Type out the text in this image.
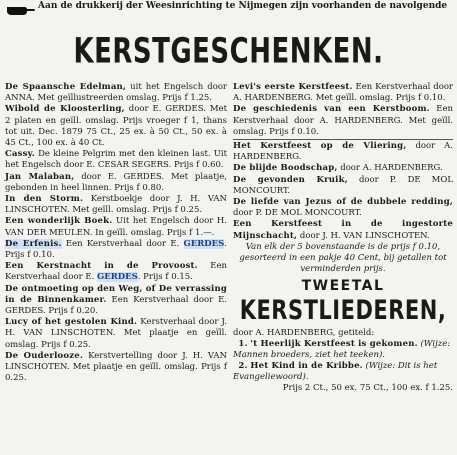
Aan de drukkerij der Weesinrichting te Nijmegen zijn voorhanden de navolgende
KERSTGESCHENKEN.

De Spaansche Edelman, uit het Engelsch door ANNA. Met geïllustreerden omslag. Prijs f 1.25.

Wibold de Kloosterling, door E. GERDES. Met 2 platen en geïll. omslag. Prijs vroeger f 1, thans tot uit. Dec. 1879 75 Ct., 25 ex. à 50 Ct., 50 ex. à 45 Ct., 100 ex. à 40 Ct.

Cassy. De kleine Pelgrim met den kleinen last. Uit het Engelsch door E. CESAR SEGERS. Prijs f 0.60.

Jan Malaban, door E. GERDES. Met plaatje, gebonden in heel linnen. Prijs f 0.80.

In den Storm. Kerstboekje door J. H. VAN LINSCHOTEN. Met geïll. omslag. Prijs f 0.25.

Een wonderlijk Boek. Uit het Engelsch door H. VAN DER MEULEN. In geïll. omslag. Prijs f 1.—.

De Erfenis. Een Kerstverhaal door E. GERDES. Prijs f 0.10.

Een Kerstnacht in de Provoost. Een Kerstverhaal door E. GERDES. Prijs f 0.15.

De ontmoeting op den Weg, of De verrassing in de Binnenkamer. Een Kerstverhaal door E. GERDES. Prijs f 0.20.

Lucy of het gestolen Kind. Kerstverhaal door J. H. VAN LINSCHOTEN. Met plaatje en geïll. omslag. Prijs f 0.25.

De Ouderlooze. Kerstvertelling door J. H. VAN LINSCHOTEN. Met plaatje en geïll. omslag. Prijs f 0.25.

Levi's eerste Kerstfeest. Een Kerstverhaal door A. HARDENBERG. Met geïll. omslag. Prijs f 0.10.

De geschiedenis van een Kerstboom. Een Kerstverhaal door A. HARDENBERG. Met geïll. omslag. Prijs f 0.10.

Het Kerstfeest op de Vliering, door A. HARDENBERG.

De blijde Boodschap, door A. HARDENBERG.

De gevonden Kruik, door P. DE MOL MONCOURT.

De liefde van Jezus of de dubbele redding, door P. DE MOL MONCOURT.

Een Kerstfeest in de ingestorte Mijnschacht, door J. H. VAN LINSCHOTEN.

Van elk der 5 bovenstaande is de prijs f 0.10, gesorteerd in een pakje 40 Cent, bij getallen tot verminderden prijs.

TWEETAL
KERSTLIEDEREN,

door A. HARDENBERG, getiteld:

1. 't Heerlijk Kerstfeest is gekomen. (Wijze: Mannen broeders, ziet het teeken).

2. Het Kind in de Kribbe. (Wijze: Dit is het Evangeliewoord).

Prijs 2 Ct., 50 ex. 75 Ct., 100 ex. f 1.25.
